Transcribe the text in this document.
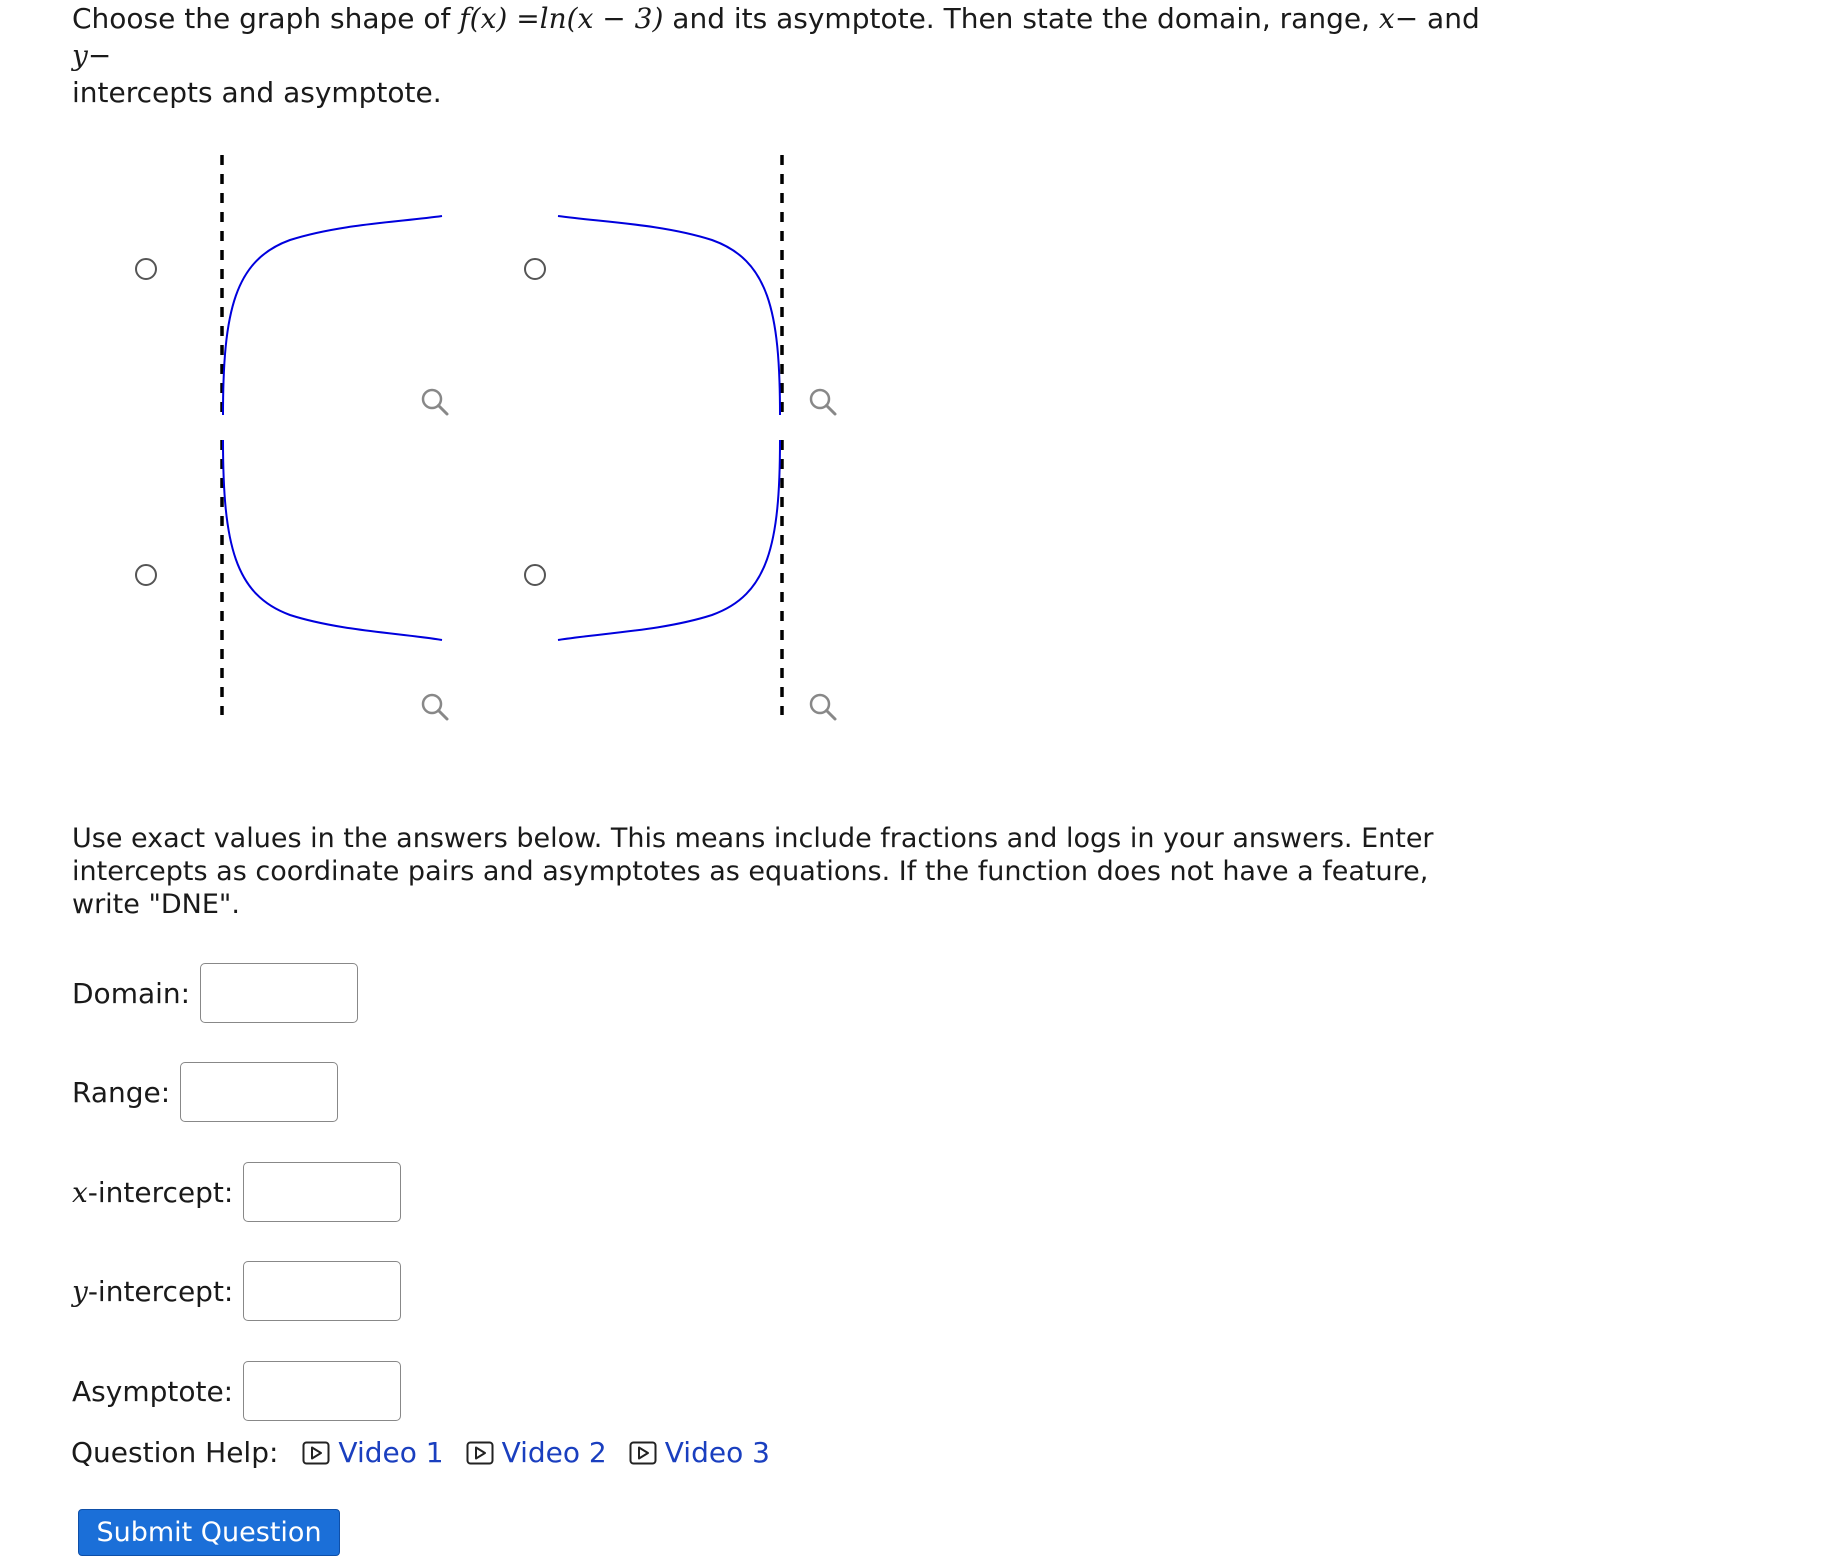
Choose the graph shape of f(x) =ln(x − 3) and its asymptote. Then state the domain, range, x− and y−
intercepts and asymptote.
Use exact values in the answers below. This means include fractions and logs in your answers. Enter intercepts as coordinate pairs and asymptotes as equations. If the function does not have a feature, write "DNE".
Domain:
Range:
x-intercept:
y-intercept:
Asymptote:
Question Help: Video 1 Video 2 Video 3
Submit Question
